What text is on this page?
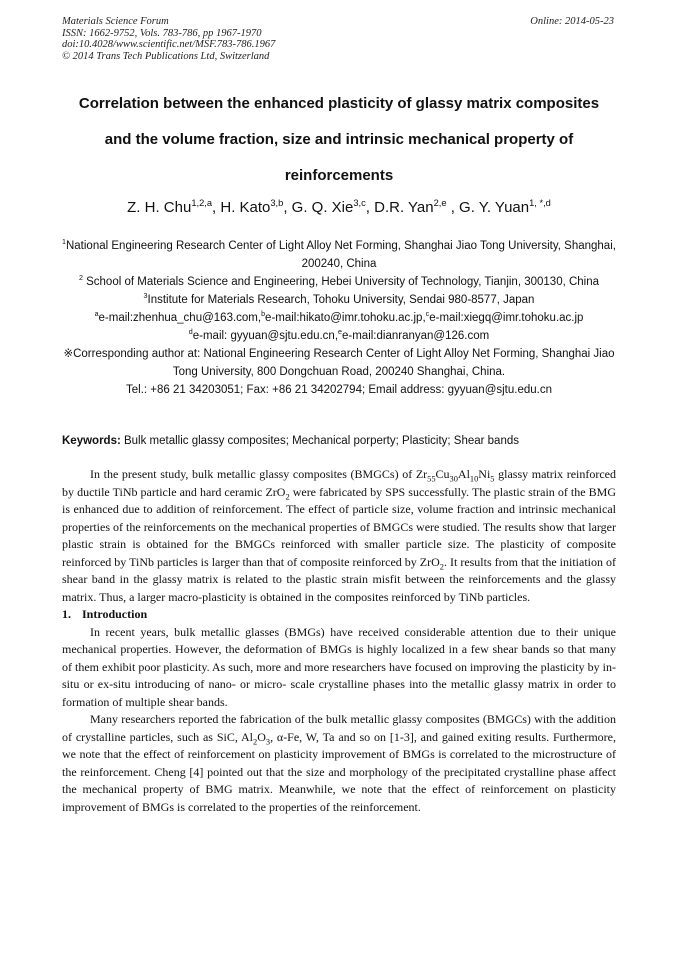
Materials Science Forum
ISSN: 1662-9752, Vols. 783-786, pp 1967-1970
doi:10.4028/www.scientific.net/MSF.783-786.1967
© 2014 Trans Tech Publications Ltd, Switzerland
Online: 2014-05-23
Correlation between the enhanced plasticity of glassy matrix composites and the volume fraction, size and intrinsic mechanical property of reinforcements
Z. H. Chu$^{1,2,a}$, H. Kato$^{3,b}$, G. Q. Xie$^{3,c}$, D.R. Yan$^{2,e}$ , G. Y. Yuan$^{1, *,d}$
$^1$National Engineering Research Center of Light Alloy Net Forming, Shanghai Jiao Tong University, Shanghai, 200240, China
$^2$ School of Materials Science and Engineering, Hebei University of Technology, Tianjin, 300130, China
$^3$Institute for Materials Research, Tohoku University, Sendai 980-8577, Japan
$^a$e-mail:zhenhua_chu@163.com,$^b$e-mail:hikato@imr.tohoku.ac.jp,$^c$e-mail:xiegq@imr.tohoku.ac.jp
$^d$e-mail: gyyuan@sjtu.edu.cn,$^e$e-mail:dianranyan@126.com
※Corresponding author at: National Engineering Research Center of Light Alloy Net Forming, Shanghai Jiao Tong University, 800 Dongchuan Road, 200240 Shanghai, China.
Tel.: +86 21 34203051; Fax: +86 21 34202794; Email address: gyyuan@sjtu.edu.cn
Keywords: Bulk metallic glassy composites; Mechanical porperty; Plasticity; Shear bands

In the present study, bulk metallic glassy composites (BMGCs) of $Zr_{55}Cu_{30}Al_{10}Ni_5$ glassy matrix reinforced by ductile TiNb particle and hard ceramic ZrO$_2$ were fabricated by SPS successfully. The plastic strain of the BMG is enhanced due to addition of reinforcement. The effect of particle size, volume fraction and intrinsic mechanical properties of the reinforcements on the mechanical properties of BMGCs were studied. The results show that larger plastic strain is obtained for the BMGCs reinforced with smaller particle size. The plasticity of composite reinforced by TiNb particles is larger than that of composite reinforced by ZrO$_2$. It results from that the initiation of shear band in the glassy matrix is related to the plastic strain misfit between the reinforcements and the glassy matrix. Thus, a larger macro-plasticity is obtained in the composites reinforced by TiNb particles.

1. Introduction

In recent years, bulk metallic glasses (BMGs) have received considerable attention due to their unique mechanical properties. However, the deformation of BMGs is highly localized in a few shear bands so that many of them exhibit poor plasticity. As such, more and more researchers have focused on improving the plasticity by in-situ or ex-situ introducing of nano- or micro- scale crystalline phases into the metallic glassy matrix in order to formation of multiple shear bands.

Many researchers reported the fabrication of the bulk metallic glassy composites (BMGCs) with the addition of crystalline particles, such as SiC, $Al_2O_3$, α-Fe, W, Ta and so on [1-3], and gained exiting results. Furthermore, we note that the effect of reinforcement on plasticity improvement of BMGs is correlated to the microstructure of the reinforcement. Cheng [4] pointed out that the size and morphology of the precipitated crystalline phase affect the mechanical property of BMG matrix. Meanwhile, we note that the effect of reinforcement on plasticity improvement of BMGs is correlated to the properties of the reinforcement.
